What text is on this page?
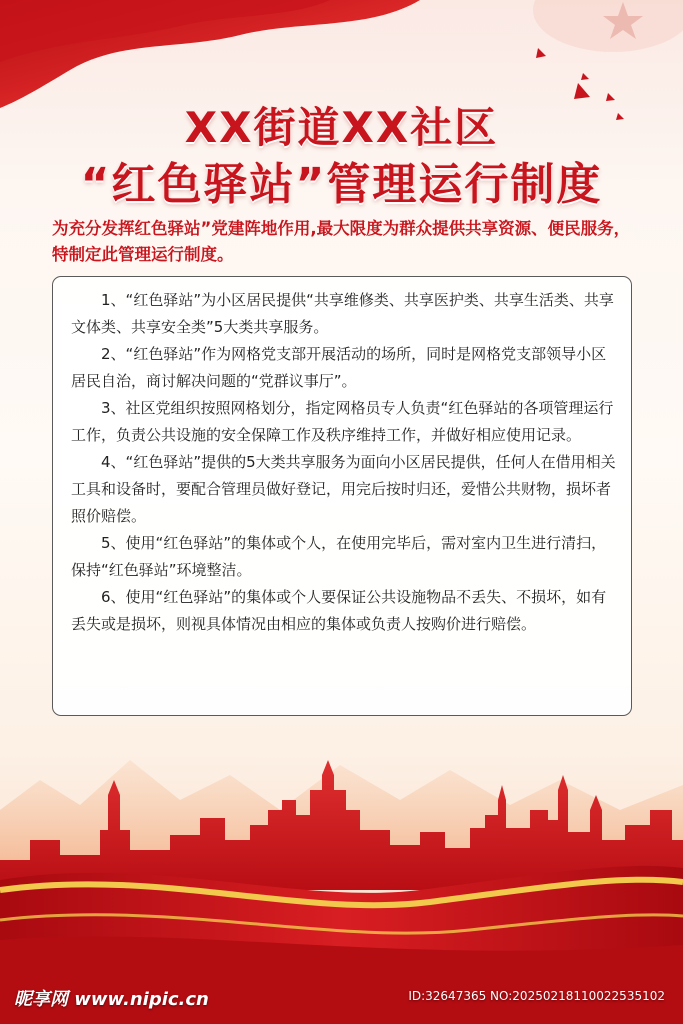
XX街道XX社区
“红色驿站”管理运行制度
为充分发挥红色驿站”党建阵地作用,最大限度为群众提供共享资源、便民服务，特制定此管理运行制度。

1、“红色驿站”为小区居民提供“共享维修类、共享医护类、共享生活类、共享文体类、共享安全类”5大类共享服务。

2、“红色驿站”作为网格党支部开展活动的场所，同时是网格党支部领导小区居民自治，商讨解决问题的“党群议事厅”。

3、社区党组织按照网格划分，指定网格员专人负责“红色驿站的各项管理运行工作，负责公共设施的安全保障工作及秩序维持工作，并做好相应使用记录。

4、“红色驿站”提供的5大类共享服务为面向小区居民提供，任何人在借用相关工具和设备时，要配合管理员做好登记，用完后按时归还，爱惜公共财物，损坏者照价赔偿。

5、使用“红色驿站”的集体或个人，在使用完毕后，需对室内卫生进行清扫，保持“红色驿站”环境整洁。

6、使用“红色驿站”的集体或个人要保证公共设施物品不丢失、不损坏，如有丢失或是损坏，则视具体情况由相应的集体或负责人按购价进行赔偿。

昵享网 www.nipic.cn	ID:32647365 NO:20250218110022535102
